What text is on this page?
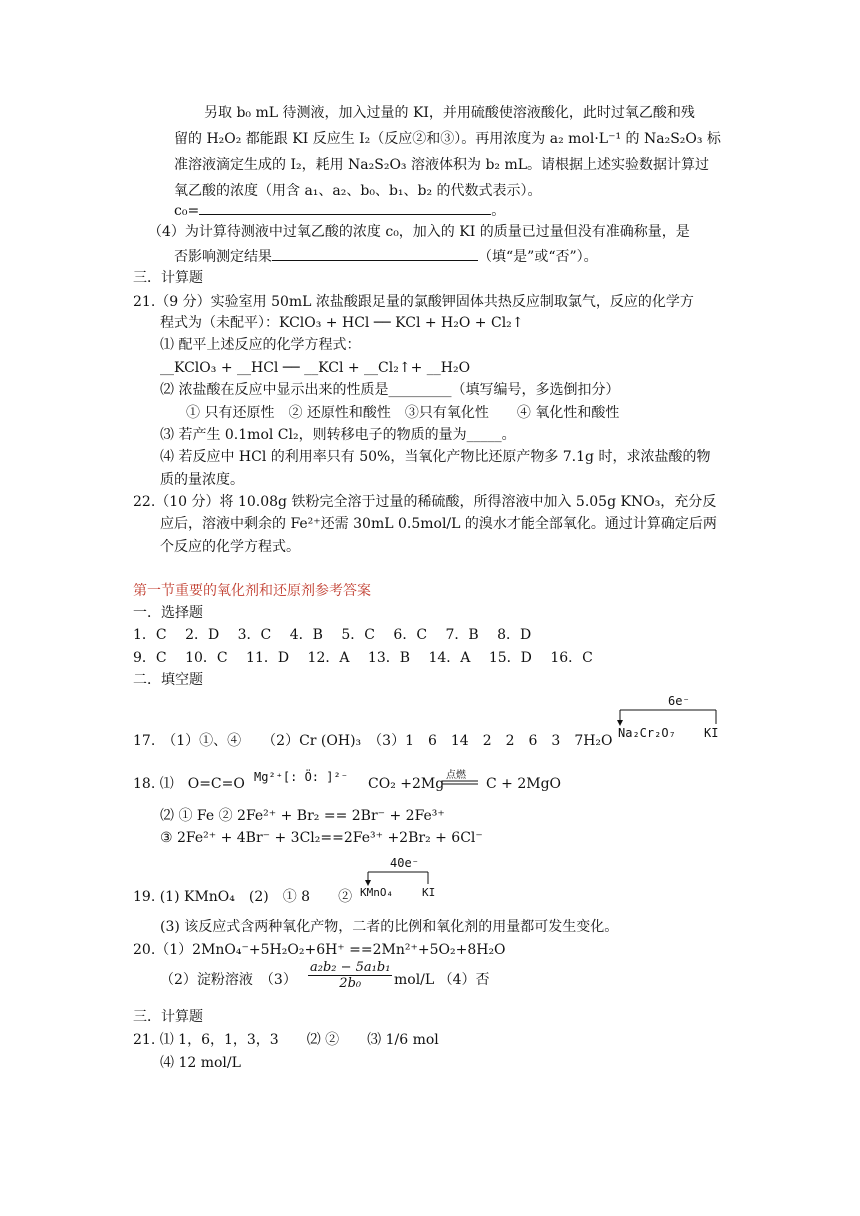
另取 b₀ mL 待测液，加入过量的 KI，并用硫酸使溶液酸化，此时过氧乙酸和残
留的 H₂O₂ 都能跟 KI 反应生 I₂（反应②和③）。再用浓度为 a₂ mol·L⁻¹ 的 Na₂S₂O₃ 标
准溶液滴定生成的 I₂，耗用 Na₂S₂O₃ 溶液体积为 b₂ mL。请根据上述实验数据计算过
氧乙酸的浓度（用含 a₁、a₂、b₀、b₁、b₂ 的代数式表示）。
c₀=	。
（4）为计算待测液中过氧乙酸的浓度 c₀，加入的 KI 的质量已过量但没有准确称量，是
否影响测定结果	（填“是”或“否”）。
三．计算题
21.（9 分）实验室用 50mL 浓盐酸跟足量的氯酸钾固体共热反应制取氯气，反应的化学方
程式为（未配平）：KClO₃ + HCl ── KCl + H₂O + Cl₂↑
⑴ 配平上述反应的化学方程式：
__KClO₃ + __HCl ── __KCl + __Cl₂↑+ __H₂O
⑵ 浓盐酸在反应中显示出来的性质是_________（填写编号，多选倒扣分）
① 只有还原性　② 还原性和酸性　③只有氧化性　　④ 氧化性和酸性
⑶ 若产生 0.1mol Cl₂，则转移电子的物质的量为_____。
⑷ 若反应中 HCl 的利用率只有 50%，当氧化产物比还原产物多 7.1g 时，求浓盐酸的物
质的量浓度。
22.（10 分）将 10.08g 铁粉完全溶于过量的稀硫酸，所得溶液中加入 5.05g KNO₃，充分反
应后，溶液中剩余的 Fe²⁺还需 30mL 0.5mol/L 的溴水才能全部氧化。通过计算确定后两
个反应的化学方程式。
第一节重要的氧化剂和还原剂参考答案
一．选择题
1．C　 2．D　 3．C　 4．B　 5．C　 6．C　 7．B　 8．D
9．C　 10．C　 11．D　 12．A　 13．B　 14．A　 15．D　 16．C
二．填空题
17.　（1）①、④　　（2）Cr (OH)₃　（3）1　6　14　2　2　6　3　7H₂O
6e⁻
Na₂Cr₂O₇ KI
18. ⑴　O=C=O Mg²⁺[: Ö: ]²⁻ CO₂ +2Mg
点燃
C + 2MgO
⑵ ① Fe ② 2Fe²⁺ + Br₂ == 2Br⁻ + 2Fe³⁺
③ 2Fe²⁺ + 4Br⁻ + 3Cl₂==2Fe³⁺ +2Br₂ + 6Cl⁻
40e⁻
KMnO₄	KI
19. (1) KMnO₄　(2)　① 8　　②
(3) 该反应式含两种氧化产物，二者的比例和氧化剂的用量都可发生变化。
20.（1）2MnO₄⁻+5H₂O₂+6H⁺ ==2Mn²⁺+5O₂+8H₂O
（2）淀粉溶液　$(3) \frac{\text{a₂b₂ − 5a₁b₁}}{\text{2b₀}} mol/L$ （4）否
三．计算题
21. ⑴ 1，6，1，3，3　　⑵ ②　　⑶ 1/6 mol
⑷ 12 mol/L
